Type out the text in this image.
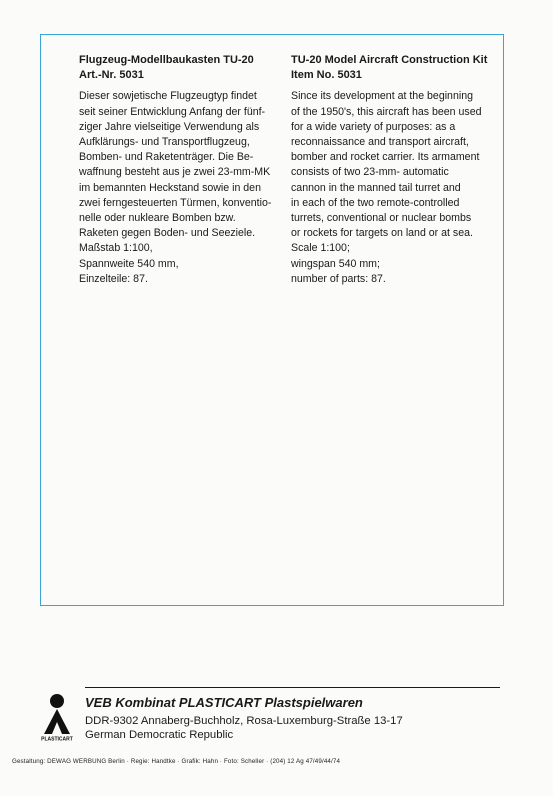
Flugzeug-Modellbaukasten TU-20
Art.-Nr. 5031

Dieser sowjetische Flugzeugtyp findet
seit seiner Entwicklung Anfang der fünf-
ziger Jahre vielseitige Verwendung als
Aufklärungs- und Transportflugzeug,
Bomben- und Raketenträger. Die Be-
waffnung besteht aus je zwei 23-mm-MK
im bemannten Heckstand sowie in den
zwei ferngesteuerten Türmen, konventio-
nelle oder nukleare Bomben bzw.
Raketen gegen Boden- und Seeziele.

Maßstab 1:100,
Spannweite 540 mm,
Einzelteile: 87.

TU-20 Model Aircraft Construction Kit
Item No. 5031

Since its development at the beginning
of the 1950's, this aircraft has been used
for a wide variety of purposes: as a
reconnaissance and transport aircraft,
bomber and rocket carrier. Its armament
consists of two 23-mm- automatic
cannon in the manned tail turret and
in each of the two remote-controlled
turrets, conventional or nuclear bombs
or rockets for targets on land or at sea.

Scale 1:100;
wingspan 540 mm;
number of parts: 87.

PLASTICART
VEB Kombinat PLASTICART Plastspielwaren
DDR-9302 Annaberg-Buchholz, Rosa-Luxemburg-Straße 13-17
German Democratic Republic
Gestaltung: DEWAG WERBUNG Berlin · Regie: Handtke · Grafik: Hahn · Foto: Scheller · (204) 12 Ag 47/49/44/74
